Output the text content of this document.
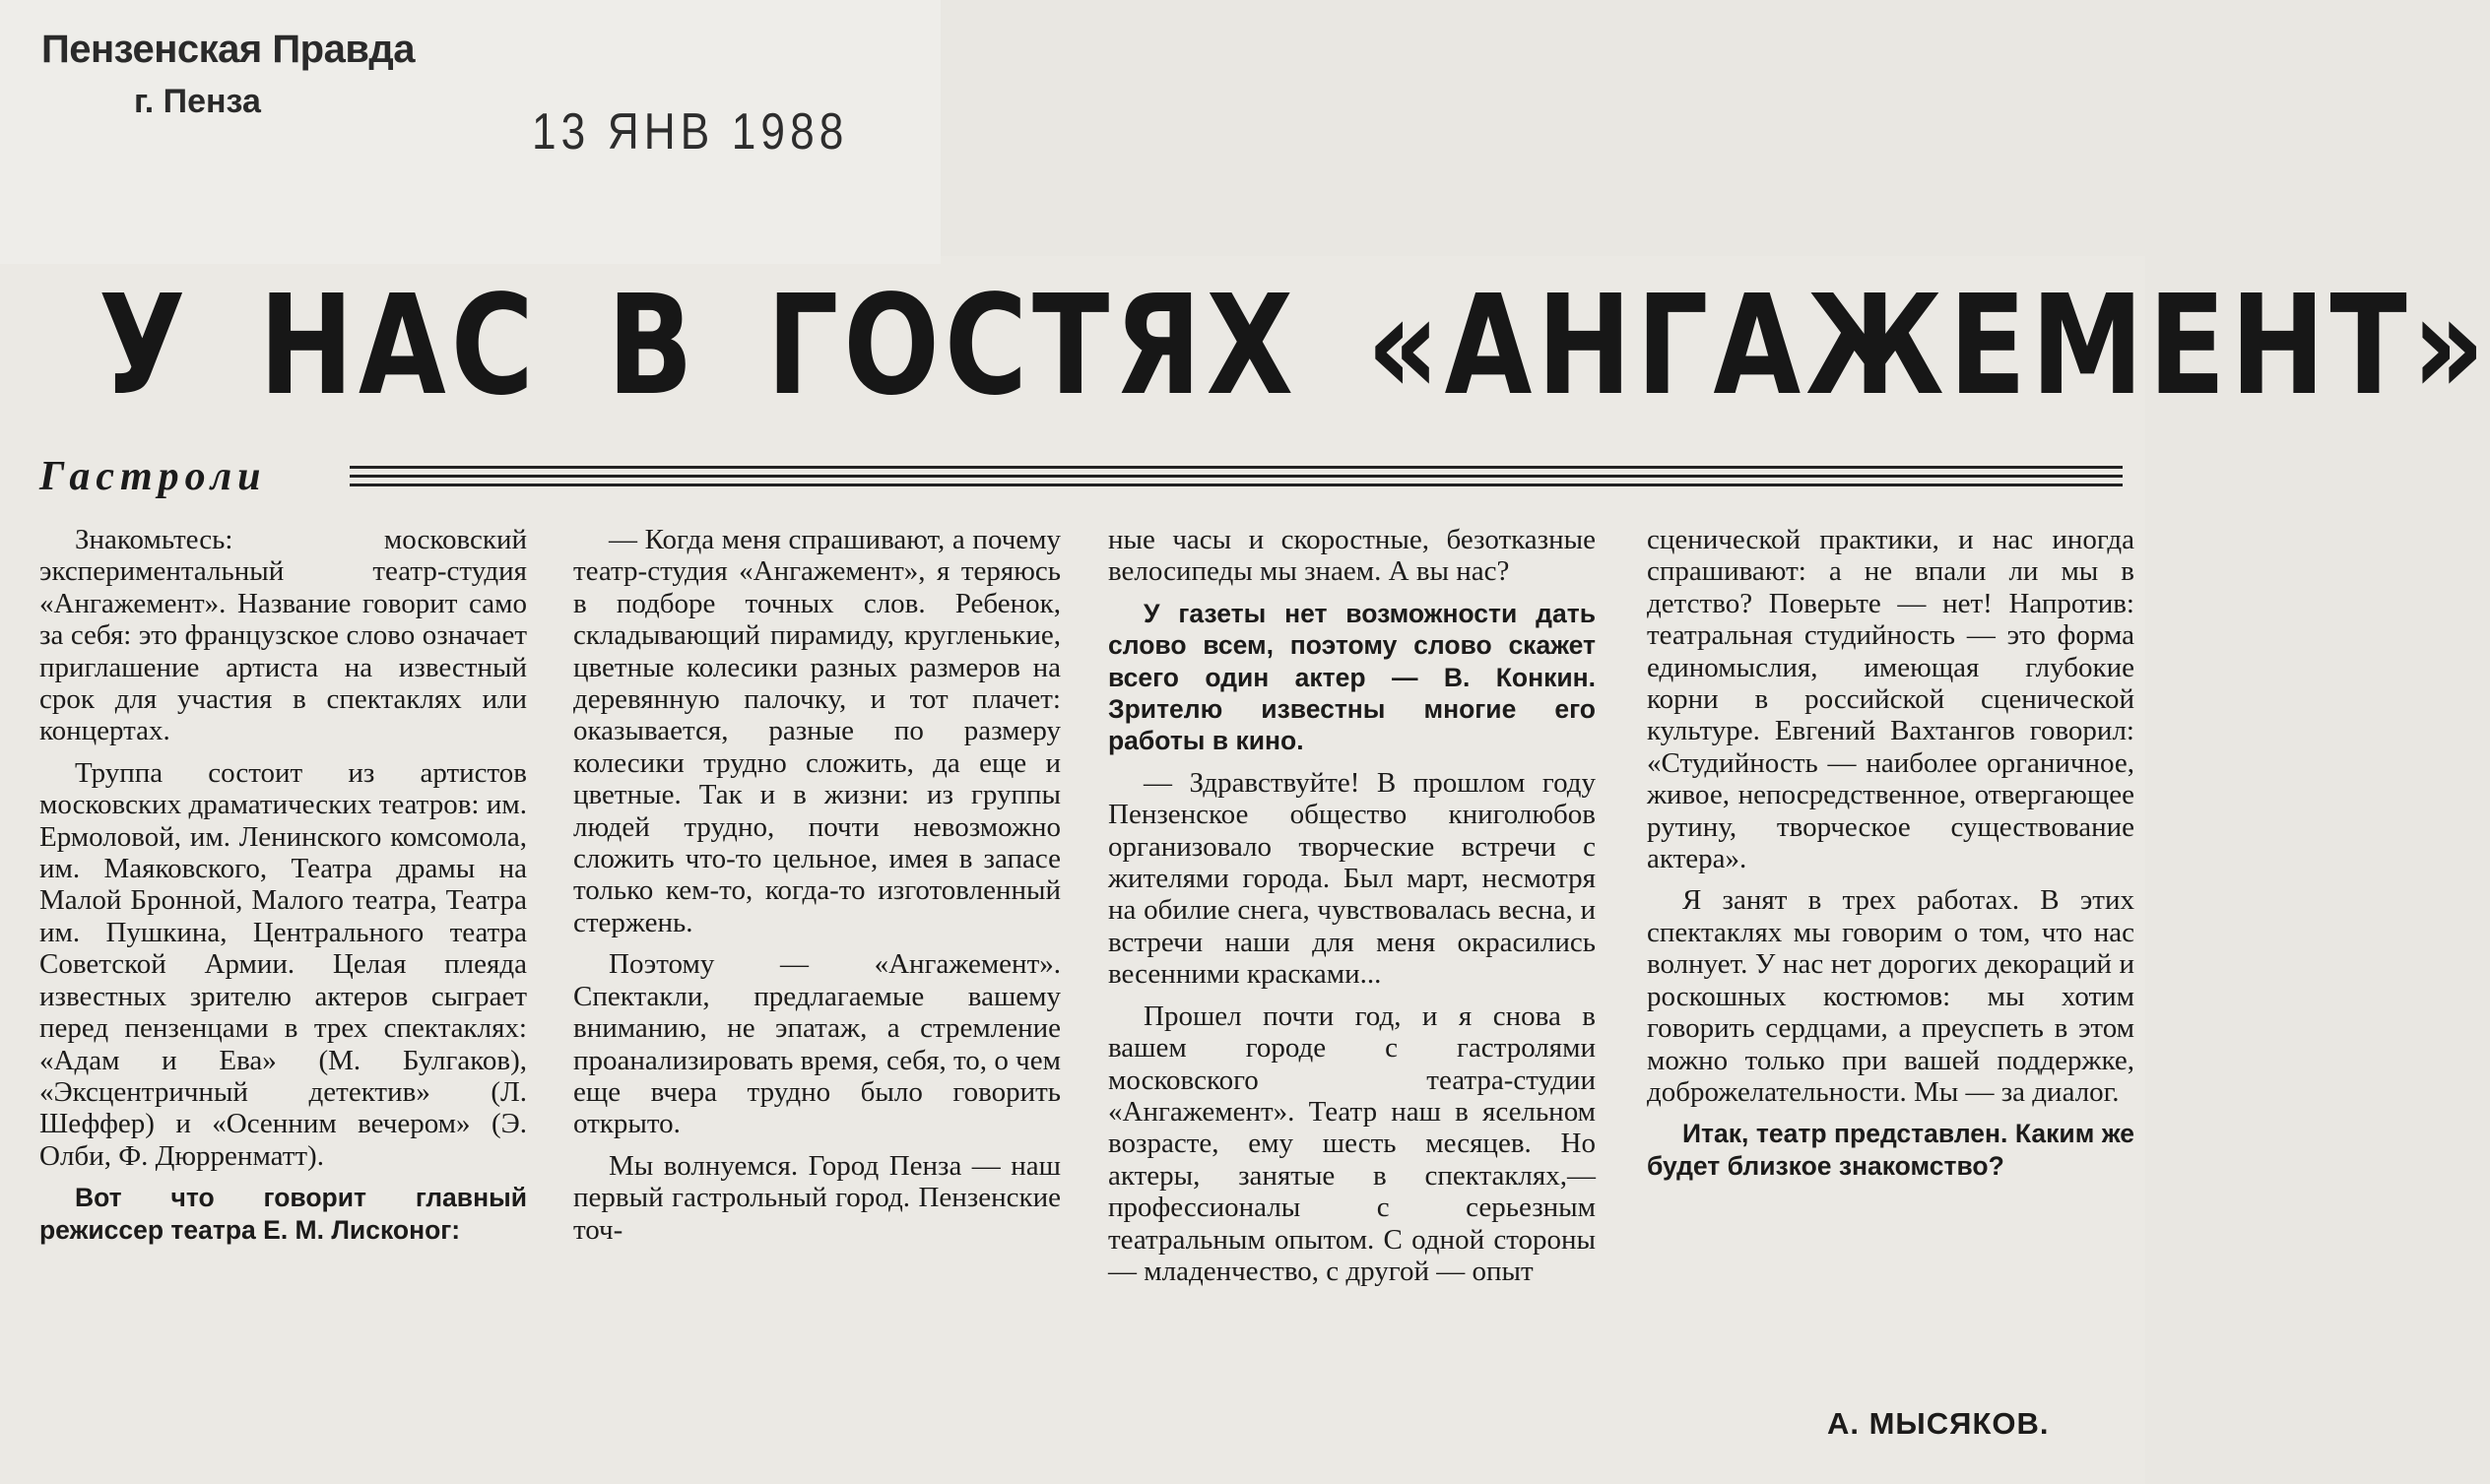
Пензенская Правда
г. Пенза
13 ЯНВ 1988
У НАС В ГОСТЯХ «АНГАЖЕМЕНТ»
Гастроли

Знакомьтесь: московский экспериментальный театр-студия «Ангажемент». Название говорит само за себя: это французское слово означает приглашение артиста на известный срок для участия в спектаклях или концертах.

Труппа состоит из артистов московских драматических театров: им. Ермоловой, им. Ленинского комсомола, им. Маяковского, Театра драмы на Малой Бронной, Малого театра, Театра им. Пушкина, Центрального театра Советской Армии. Целая плеяда известных зрителю актеров сыграет перед пензенцами в трех спектаклях: «Адам и Ева» (М. Булгаков), «Эксцентричный детектив» (Л. Шеффер) и «Осенним вечером» (Э. Олби, Ф. Дюрренматт).

Вот что говорит главный режиссер театра Е. М. Лисконог:

— Когда меня спрашивают, а почему театр-студия «Ангажемент», я теряюсь в подборе точных слов. Ребенок, складывающий пирамиду, кругленькие, цветные колесики разных размеров на деревянную палочку, и тот плачет: оказывается, разные по размеру колесики трудно сложить, да еще и цветные. Так и в жизни: из группы людей трудно, почти невозможно сложить что-то цельное, имея в запасе только кем-то, когда-то изготовленный стержень.

Поэтому — «Ангажемент». Спектакли, предлагаемые вашему вниманию, не эпатаж, а стремление проанализировать время, себя, то, о чем еще вчера трудно было говорить открыто.

Мы волнуемся. Город Пенза — наш первый гастрольный город. Пензенские точ-

ные часы и скоростные, безотказные велосипеды мы знаем. А вы нас?

У газеты нет возможности дать слово всем, поэтому слово скажет всего один актер — В. Конкин. Зрителю известны многие его работы в кино.

— Здравствуйте! В прошлом году Пензенское общество книголюбов организовало творческие встречи с жителями города. Был март, несмотря на обилие снега, чувствовалась весна, и встречи наши для меня окрасились весенними красками...

Прошел почти год, и я снова в вашем городе с гастролями московского театра-студии «Ангажемент». Театр наш в ясельном возрасте, ему шесть месяцев. Но актеры, занятые в спектаклях,—профессионалы с серьезным театральным опытом. С одной стороны — младенчество, с другой — опыт

сценической практики, и нас иногда спрашивают: а не впали ли мы в детство? Поверьте — нет! Напротив: театральная студийность — это форма единомыслия, имеющая глубокие корни в российской сценической культуре. Евгений Вахтангов говорил: «Студийность — наиболее органичное, живое, непосредственное, отвергающее рутину, творческое существование актера».

Я занят в трех работах. В этих спектаклях мы говорим о том, что нас волнует. У нас нет дорогих декораций и роскошных костюмов: мы хотим говорить сердцами, а преуспеть в этом можно только при вашей поддержке, доброжелательности. Мы — за диалог.

Итак, театр представлен. Каким же будет близкое знакомство?

А. МЫСЯКОВ.
